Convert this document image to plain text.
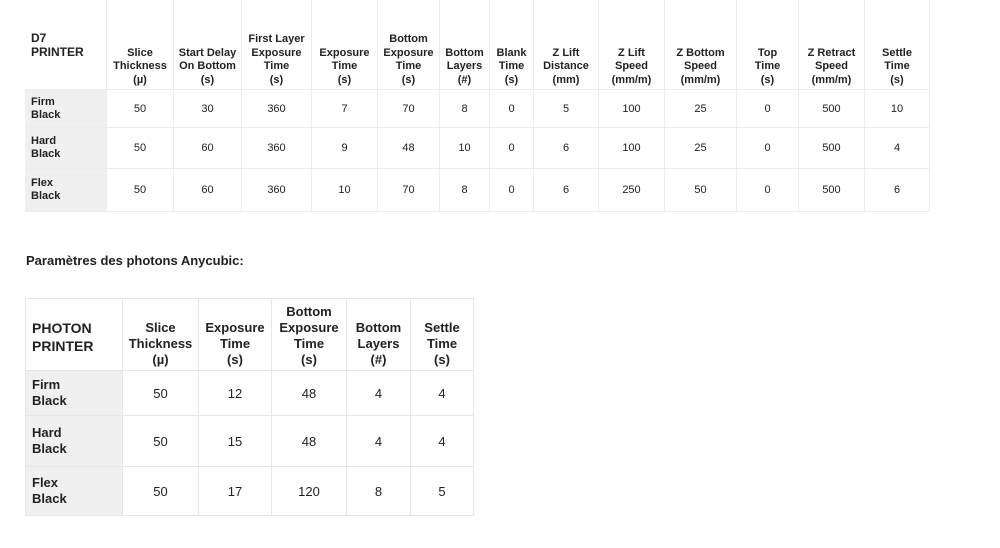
D7
PRINTER	Slice
Thickness
(µ)	Start Delay
On Bottom
(s)	First Layer
Exposure
Time
(s)	Exposure
Time
(s)	Bottom
Exposure
Time
(s)	Bottom
Layers
(#)	Blank
Time
(s)	Z Lift
Distance
(mm)	Z Lift
Speed
(mm/m)	Z Bottom
Speed
(mm/m)	Top
Time
(s)	Z Retract
Speed
(mm/m)	Settle
Time
(s)
Firm
Black	50	30	360	7	70	8	0	5	100	25	0	500	10
Hard
Black	50	60	360	9	48	10	0	6	100	25	0	500	4
Flex
Black	50	60	360	10	70	8	0	6	250	50	0	500	6
Paramètres des photons Anycubic:
PHOTON
PRINTER	Slice
Thickness
(µ)	Exposure
Time
(s)	Bottom
Exposure
Time
(s)	Bottom
Layers
(#)	Settle
Time
(s)
Firm
Black	50	12	48	4	4
Hard
Black	50	15	48	4	4
Flex
Black	50	17	120	8	5
